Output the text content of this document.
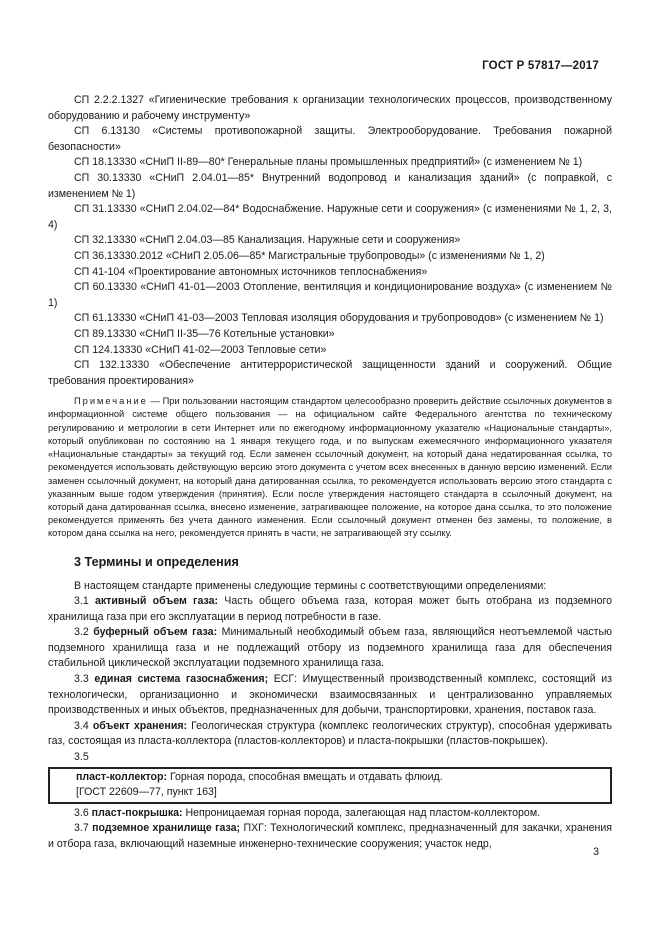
ГОСТ Р 57817—2017

СП 2.2.2.1327 «Гигиенические требования к организации технологических процессов, производственному оборудованию и рабочему инструменту»

СП 6.13130 «Системы противопожарной защиты. Электрооборудование. Требования пожарной безопасности»

СП 18.13330 «СНиП II-89—80* Генеральные планы промышленных предприятий» (с изменением № 1)

СП 30.13330 «СНиП 2.04.01—85* Внутренний водопровод и канализация зданий» (с поправкой, с изменением № 1)

СП 31.13330 «СНиП 2.04.02—84* Водоснабжение. Наружные сети и сооружения» (с изменениями № 1, 2, 3, 4)

СП 32.13330 «СНиП 2.04.03—85 Канализация. Наружные сети и сооружения»

СП 36.13330.2012 «СНиП 2.05.06—85* Магистральные трубопроводы» (с изменениями № 1, 2)

СП 41-104 «Проектирование автономных источников теплоснабжения»

СП 60.13330 «СНиП 41-01—2003 Отопление, вентиляция и кондиционирование воздуха» (с изменением № 1)

СП 61.13330 «СНиП 41-03—2003 Тепловая изоляция оборудования и трубопроводов» (с изменением № 1)

СП 89.13330 «СНиП II-35—76 Котельные установки»

СП 124.13330 «СНиП 41-02—2003 Тепловые сети»

СП 132.13330 «Обеспечение антитеррористической защищенности зданий и сооружений. Общие требования проектирования»

Примечание — При пользовании настоящим стандартом целесообразно проверить действие ссылочных документов в информационной системе общего пользования — на официальном сайте Федерального агентства по техническому регулированию и метрологии в сети Интернет или по ежегодному информационному указателю «Национальные стандарты», который опубликован по состоянию на 1 января текущего года, и по выпускам ежемесячного информационного указателя «Национальные стандарты» за текущий год. Если заменен ссылочный документ, на который дана недатированная ссылка, то рекомендуется использовать действующую версию этого документа с учетом всех внесенных в данную версию изменений. Если заменен ссылочный документ, на который дана датированная ссылка, то рекомендуется использовать версию этого стандарта с указанным выше годом утверждения (принятия). Если после утверждения настоящего стандарта в ссылочный документ, на который дана датированная ссылка, внесено изменение, затрагивающее положение, на которое дана ссылка, то это положение рекомендуется применять без учета данного изменения. Если ссылочный документ отменен без замены, то положение, в котором дана ссылка на него, рекомендуется принять в части, не затрагивающей эту ссылку.

3 Термины и определения

В настоящем стандарте применены следующие термины с соответствующими определениями:

3.1 активный объем газа: Часть общего объема газа, которая может быть отобрана из подземного хранилища газа при его эксплуатации в период потребности в газе.

3.2 буферный объем газа: Минимальный необходимый объем газа, являющийся неотъемлемой частью подземного хранилища газа и не подлежащий отбору из подземного хранилища газа для обеспечения стабильной циклической эксплуатации подземного хранилища газа.

3.3 единая система газоснабжения; ЕСГ: Имущественный производственный комплекс, состоящий из технологически, организационно и экономически взаимосвязанных и централизованно управляемых производственных и иных объектов, предназначенных для добычи, транспортировки, хранения, поставок газа.

3.4 объект хранения: Геологическая структура (комплекс геологических структур), способная удерживать газ, состоящая из пласта-коллектора (пластов-коллекторов) и пласта-покрышки (пластов-покрышек).

3.5

пласт-коллектор: Горная порода, способная вмещать и отдавать флюид.
[ГОСТ 22609—77, пункт 163]

3.6 пласт-покрышка: Непроницаемая горная порода, залегающая над пластом-коллектором.

3.7 подземное хранилище газа; ПХГ: Технологический комплекс, предназначенный для закачки, хранения и отбора газа, включающий наземные инженерно-технические сооружения; участок недр,

3
